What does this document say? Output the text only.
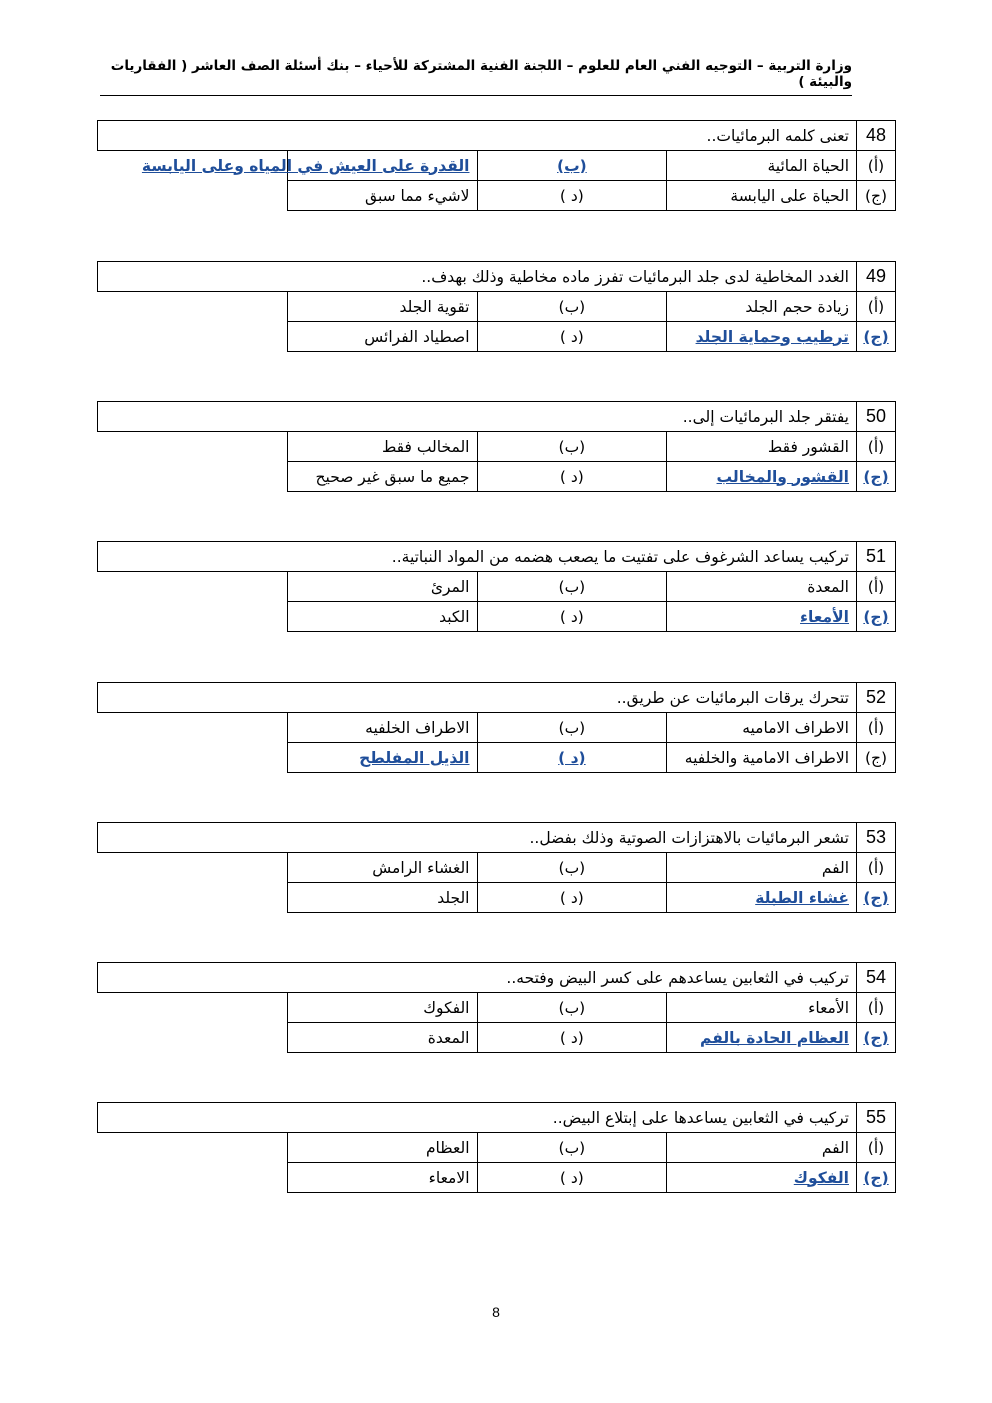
وزارة التربية – التوجيه الفني العام للعلوم – اللجنة الفنية المشتركة للأحياء – بنك أسئلة الصف العاشر ( الفقاريات والبيئة )
48	تعنى كلمه البرمائيات..		
(أ)	الحياة المائية	(ب)	القدرة على العيش في المياه وعلى اليابسة
(ج)	الحياة على اليابسة	(د )	لاشيء مما سبق
49	الغدد المخاطية لدى جلد البرمائيات تفرز ماده مخاطية وذلك بهدف..		
(أ)	زيادة حجم الجلد	(ب)	تقوية الجلد
(ج)	ترطيب وحماية الجلد	(د )	اصطياد الفرائس
50	يفتقر جلد البرمائيات إلى..		
(أ)	القشور فقط	(ب)	المخالب فقط
(ج)	القشور والمخالب	(د )	جميع ما سبق غير صحيح
51	تركيب يساعد الشرغوف على تفتيت ما يصعب هضمه من المواد النباتية..		
(أ)	المعدة	(ب)	المرئ
(ج)	الأمعاء	(د )	الكبد
52	تتحرك يرقات البرمائيات عن طريق..		
(أ)	الاطراف الاماميه	(ب)	الاطراف الخلفيه
(ج)	الاطراف الامامية والخلفيه	(د )	الذيل المفلطح
53	تشعر البرمائيات بالاهتزازات الصوتية وذلك بفضل..		
(أ)	الفم	(ب)	الغشاء الرامش
(ج)	غشاء الطبلة	(د )	الجلد
54	تركيب في الثعابين يساعدهم على كسر البيض وفتحه..		
(أ)	الأمعاء	(ب)	الفكوك
(ج)	العظام الحادة بالفم	(د )	المعدة
55	تركيب في الثعابين يساعدها على إبتلاع البيض..		
(أ)	الفم	(ب)	العظام
(ج)	الفكوك	(د )	الامعاء
8
